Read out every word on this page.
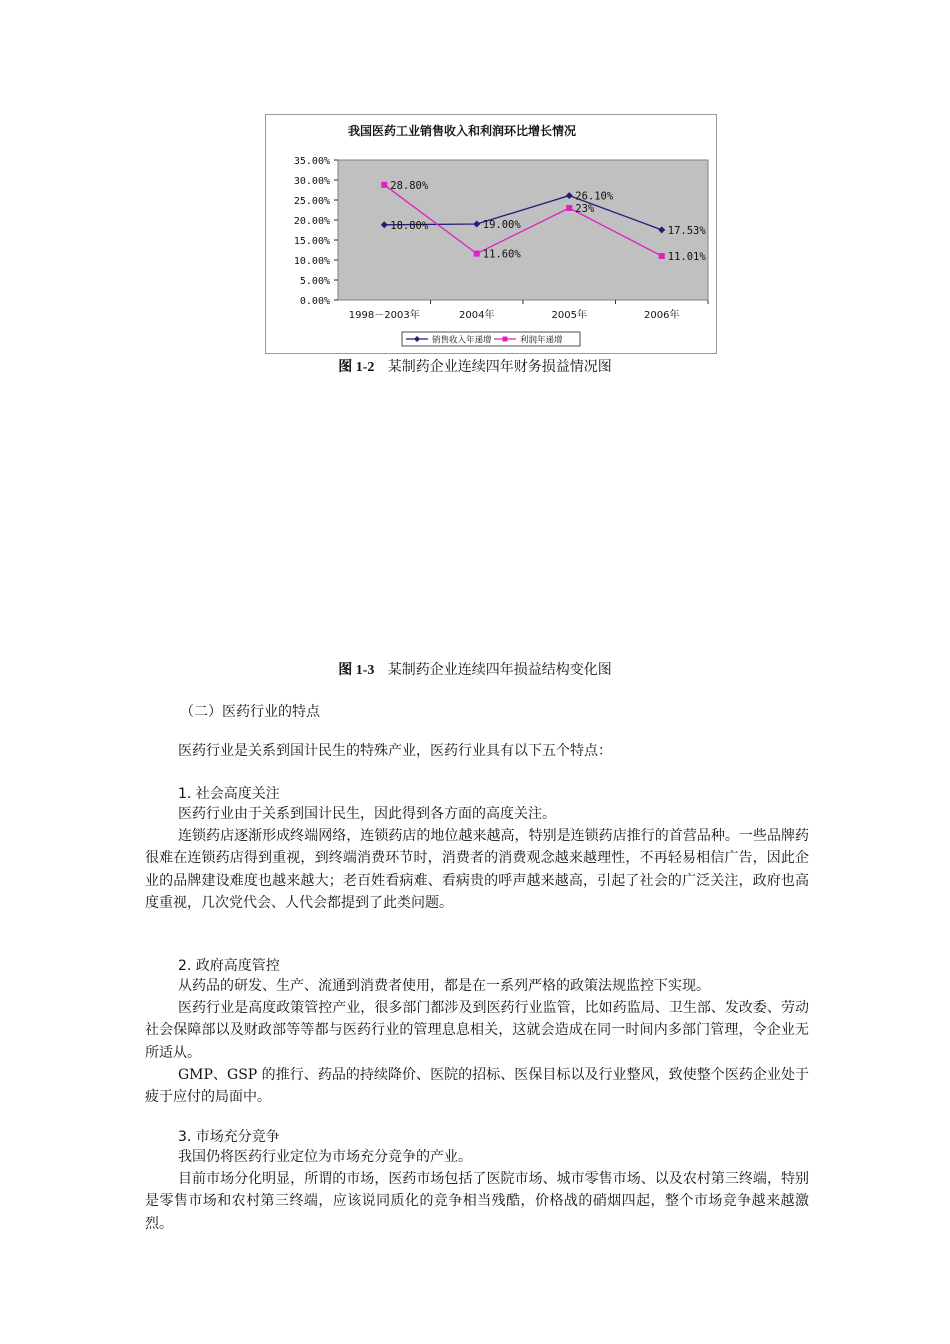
我国医药工业销售收入和利润环比增长情况
35.00%
30.00%
25.00%
20.00%
15.00%
10.00%
5.00%
0.00%
1998－2003年	2004年	2005年	2006年
18.80%	19.00%
26.10%
17.53%
28.80%
11.60%
23%
11.01%
销售收入年递增	利润年递增
图 1-2 某制药企业连续四年财务损益情况图
图 1-3 某制药企业连续四年损益结构变化图
（二）医药行业的特点

医药行业是关系到国计民生的特殊产业，医药行业具有以下五个特点：

1. 社会高度关注

医药行业由于关系到国计民生，因此得到各方面的高度关注。

连锁药店逐渐形成终端网络，连锁药店的地位越来越高，特别是连锁药店推行的首营品种。一些品牌药很难在连锁药店得到重视，到终端消费环节时，消费者的消费观念越来越理性，不再轻易相信广告，因此企业的品牌建设难度也越来越大；老百姓看病难、看病贵的呼声越来越高，引起了社会的广泛关注，政府也高度重视，几次党代会、人代会都提到了此类问题。

2. 政府高度管控

从药品的研发、生产、流通到消费者使用，都是在一系列严格的政策法规监控下实现。

医药行业是高度政策管控产业，很多部门都涉及到医药行业监管，比如药监局、卫生部、发改委、劳动社会保障部以及财政部等等都与医药行业的管理息息相关，这就会造成在同一时间内多部门管理，令企业无所适从。

GMP、GSP 的推行、药品的持续降价、医院的招标、医保目标以及行业整风，致使整个医药企业处于疲于应付的局面中。

3. 市场充分竞争

我国仍将医药行业定位为市场充分竞争的产业。

目前市场分化明显，所谓的市场，医药市场包括了医院市场、城市零售市场、以及农村第三终端，特别是零售市场和农村第三终端，应该说同质化的竞争相当残酷，价格战的硝烟四起，整个市场竞争越来越激烈。
